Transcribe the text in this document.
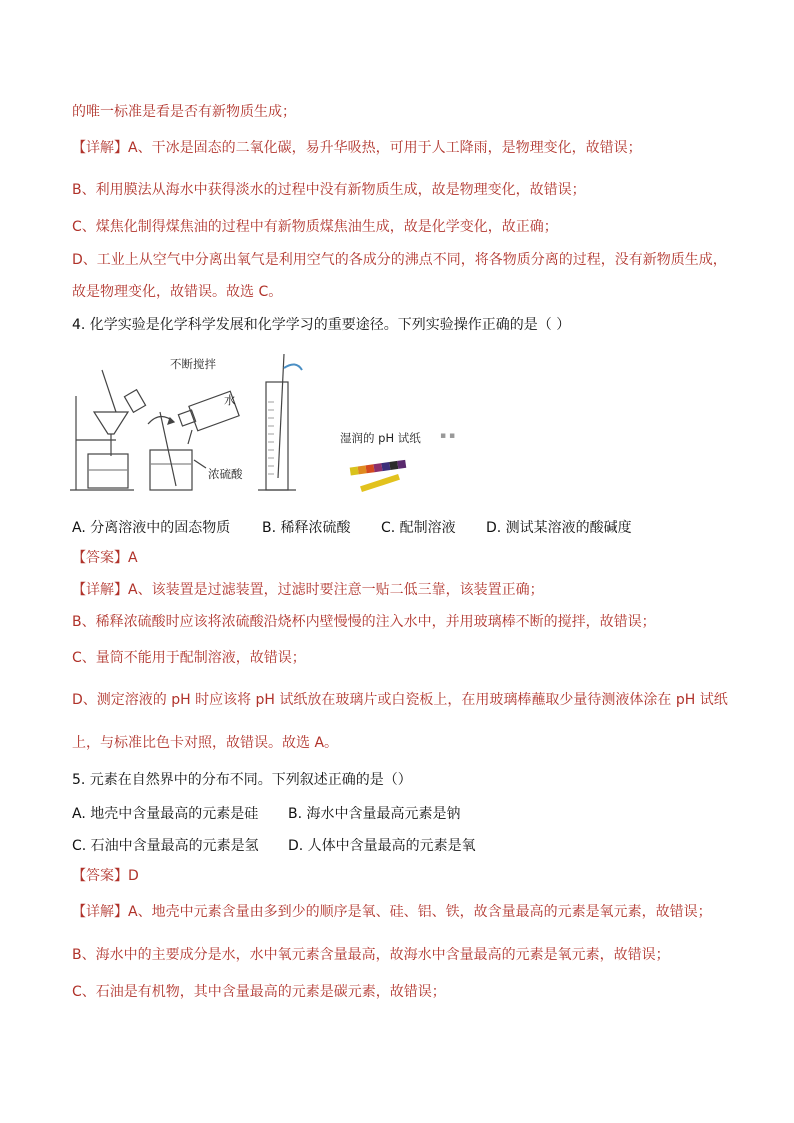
的唯一标准是看是否有新物质生成；
【详解】A、干冰是固态的二氧化碳，易升华吸热，可用于人工降雨，是物理变化，故错误；
B、利用膜法从海水中获得淡水的过程中没有新物质生成，故是物理变化，故错误；
C、煤焦化制得煤焦油的过程中有新物质煤焦油生成，故是化学变化，故正确；
D、工业上从空气中分离出氧气是利用空气的各成分的沸点不同，将各物质分离的过程，没有新物质生成，
故是物理变化，故错误。故选 C。
4. 化学实验是化学科学发展和化学学习的重要途径。下列实验操作正确的是（ ）
▪ ▪
不断搅拌
水
浓硫酸
湿润的 pH 试纸
A. 分离溶液中的固态物质 B. 稀释浓硫酸 C. 配制溶液 D. 测试某溶液的酸碱度
【答案】A
【详解】A、该装置是过滤装置，过滤时要注意一贴二低三靠，该装置正确；
B、稀释浓硫酸时应该将浓硫酸沿烧杯内壁慢慢的注入水中，并用玻璃棒不断的搅拌，故错误；
C、量筒不能用于配制溶液，故错误；
D、测定溶液的 pH 时应该将 pH 试纸放在玻璃片或白瓷板上，在用玻璃棒蘸取少量待测液体涂在 pH 试纸
上，与标准比色卡对照，故错误。故选 A。
5. 元素在自然界中的分布不同。下列叙述正确的是（）
A. 地壳中含量最高的元素是硅 B. 海水中含量最高元素是钠
C. 石油中含量最高的元素是氢 D. 人体中含量最高的元素是氧
【答案】D
【详解】A、地壳中元素含量由多到少的顺序是氧、硅、铝、铁，故含量最高的元素是氧元素，故错误；
B、海水中的主要成分是水，水中氧元素含量最高，故海水中含量最高的元素是氧元素，故错误；
C、石油是有机物，其中含量最高的元素是碳元素，故错误；
